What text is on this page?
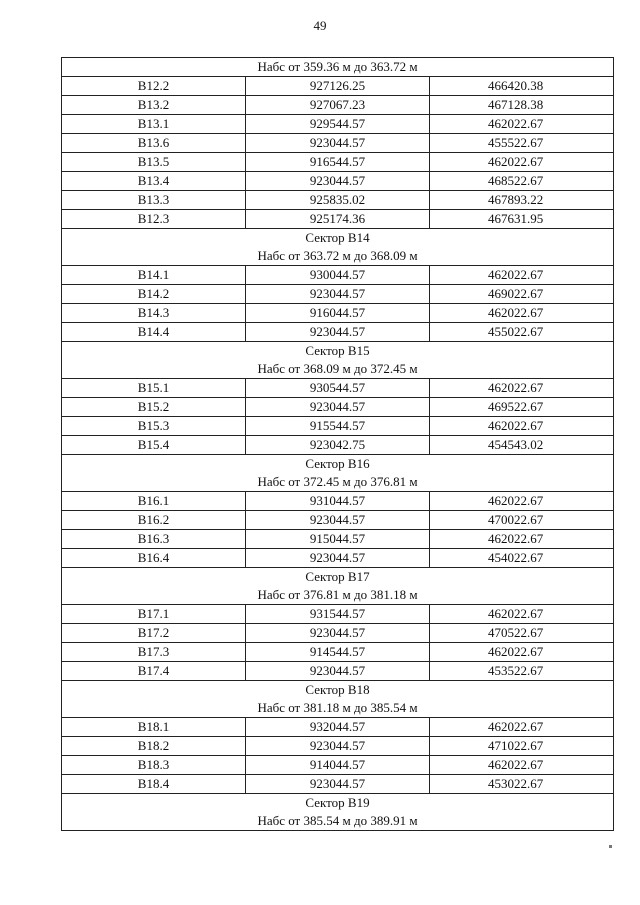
49
Набс от 359.36 м до 363.72 м		

B12.2	927126.25	466420.38
B13.2	927067.23	467128.38
B13.1	929544.57	462022.67
B13.6	923044.57	455522.67
B13.5	916544.57	462022.67
B13.4	923044.57	468522.67
B13.3	925835.02	467893.22
B12.3	925174.36	467631.95

Сектор B14
Набс от 363.72 м до 368.09 м		

B14.1	930044.57	462022.67
B14.2	923044.57	469022.67
B14.3	916044.57	462022.67
B14.4	923044.57	455022.67

Сектор B15
Набс от 368.09 м до 372.45 м		

B15.1	930544.57	462022.67
B15.2	923044.57	469522.67
B15.3	915544.57	462022.67
B15.4	923042.75	454543.02

Сектор B16
Набс от 372.45 м до 376.81 м		

B16.1	931044.57	462022.67
B16.2	923044.57	470022.67
B16.3	915044.57	462022.67
B16.4	923044.57	454022.67

Сектор B17
Набс от 376.81 м до 381.18 м		

B17.1	931544.57	462022.67
B17.2	923044.57	470522.67
B17.3	914544.57	462022.67
B17.4	923044.57	453522.67

Сектор B18
Набс от 381.18 м до 385.54 м		

B18.1	932044.57	462022.67
B18.2	923044.57	471022.67
B18.3	914044.57	462022.67
B18.4	923044.57	453022.67

Сектор B19
Набс от 385.54 м до 389.91 м		
